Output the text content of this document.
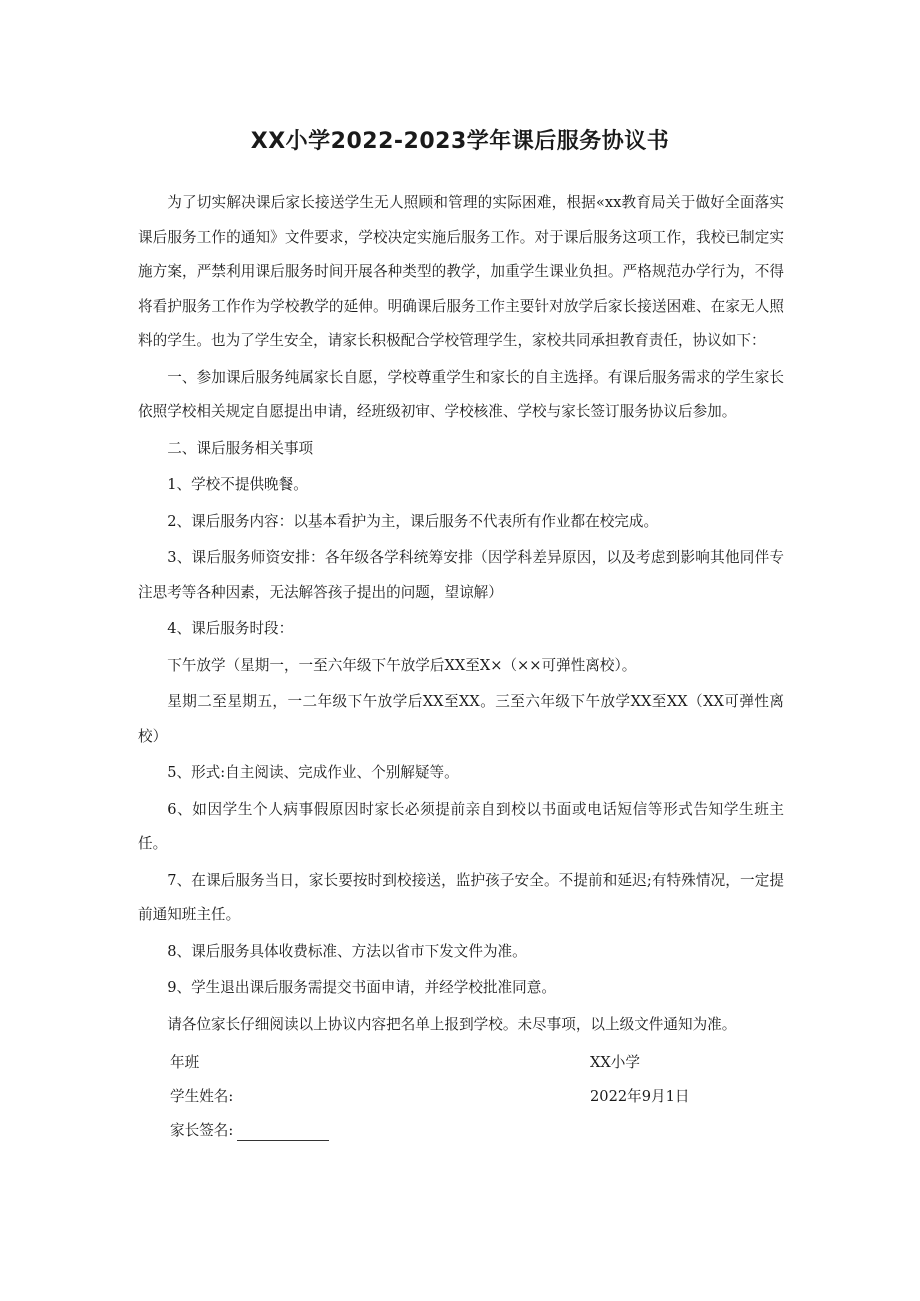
XX小学2022-2023学年课后服务协议书

为了切实解决课后家长接送学生无人照顾和管理的实际困难，根据«xx教育局关于做好全面落实课后服务工作的通知》文件要求，学校决定实施后服务工作。对于课后服务这项工作，我校已制定实施方案，严禁利用课后服务时间开展各种类型的教学，加重学生课业负担。严格规范办学行为，不得将看护服务工作作为学校教学的延伸。明确课后服务工作主要针对放学后家长接送困难、在家无人照料的学生。也为了学生安全，请家长积极配合学校管理学生，家校共同承担教育责任，协议如下：

一、参加课后服务纯属家长自愿，学校尊重学生和家长的自主选择。有课后服务需求的学生家长依照学校相关规定自愿提出申请，经班级初审、学校核准、学校与家长签订服务协议后参加。

二、课后服务相关事项

1、学校不提供晚餐。

2、课后服务内容：以基本看护为主，课后服务不代表所有作业都在校完成。

3、课后服务师资安排：各年级各学科统筹安排（因学科差异原因，以及考虑到影响其他同伴专注思考等各种因素，无法解答孩子提出的问题，望谅解）

4、课后服务时段：

下午放学（星期一，一至六年级下午放学后XX至X×（××可弹性离校）。

星期二至星期五，一二年级下午放学后XX至XX。三至六年级下午放学XX至XX（XX可弹性离校）

5、形式:自主阅读、完成作业、个别解疑等。

6、如因学生个人病事假原因时家长必须提前亲自到校以书面或电话短信等形式告知学生班主任。

7、在课后服务当日，家长要按时到校接送，监护孩子安全。不提前和延迟;有特殊情况，一定提前通知班主任。

8、课后服务具体收费标准、方法以省市下发文件为准。

9、学生退出课后服务需提交书面申请，并经学校批准同意。

请各位家长仔细阅读以上协议内容把名单上报到学校。未尽事项，以上级文件通知为准。

年班	XX小学
学生姓名:	2022年9月1日
家长签名:
